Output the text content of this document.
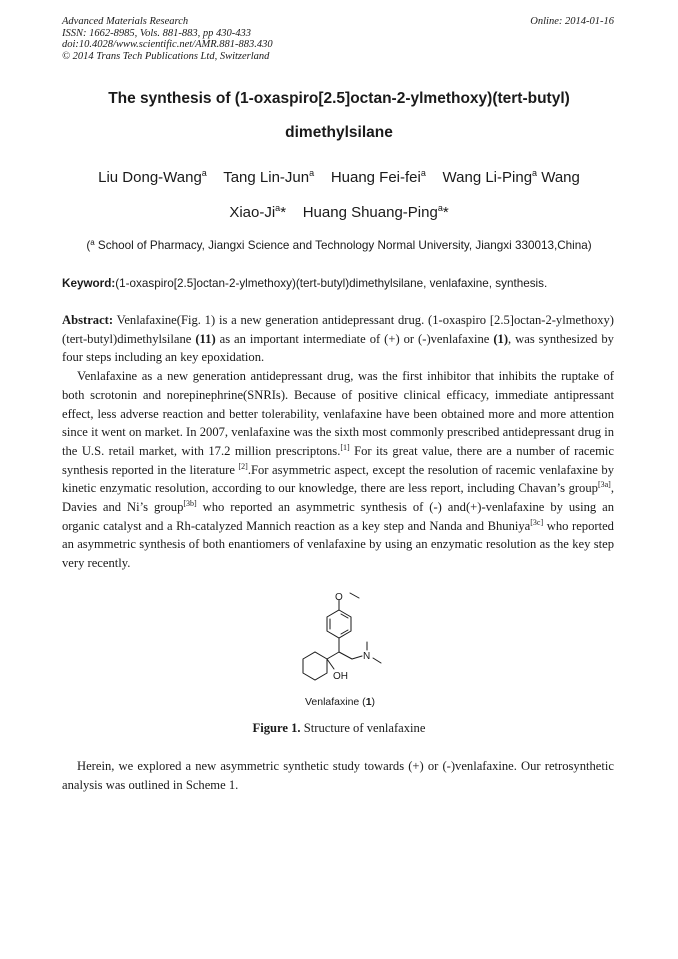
Advanced Materials Research
ISSN: 1662-8985, Vols. 881-883, pp 430-433
doi:10.4028/www.scientific.net/AMR.881-883.430
© 2014 Trans Tech Publications Ltd, Switzerland
Online: 2014-01-16
The synthesis of (1-oxaspiro[2.5]octan-2-ylmethoxy)(tert-butyl)
dimethylsilane
Liu Dong-Wang$^a$ Tang Lin-Jun$^a$ Huang Fei-fei$^a$ Wang Li-Ping$^a$ Wang
Xiao-Ji$^a$* Huang Shuang-Ping$^a$*
($^a$ School of Pharmacy, Jiangxi Science and Technology Normal University, Jiangxi 330013,China)
Keyword:(1-oxaspiro[2.5]octan-2-ylmethoxy)(tert-butyl)dimethylsilane, venlafaxine, synthesis.

Abstract: Venlafaxine(Fig. 1) is a new generation antidepressant drug. (1-oxaspiro [2.5]octan-2-ylmethoxy)(tert-butyl)dimethylsilane (11) as an important intermediate of (+) or (-)venlafaxine (1), was synthesized by four steps including an key epoxidation.

Venlafaxine as a new generation antidepressant drug, was the first inhibitor that inhibits the ruptake of both scrotonin and norepinephrine(SNRIs). Because of positive clinical efficacy, immediate antipressant effect, less adverse reaction and better tolerability, venlafaxine have been obtained more and more attention since it went on market. In 2007, venlafaxine was the sixth most commonly prescribed antidepressant drug in the U.S. retail market, with 17.2 million prescriptons.[1] For its great value, there are a number of racemic synthesis reported in the literature [2].For asymmetric aspect, except the resolution of racemic venlafaxine by kinetic enzymatic resolution, according to our knowledge, there are less report, including Chavan’s group[3a], Davies and Ni’s group[3b] who reported an asymmetric synthesis of (-) and(+)-venlafaxine by using an organic catalyst and a Rh-catalyzed Mannich reaction as a key step and Nanda and Bhuniya[3c] who reported an asymmetric synthesis of both enantiomers of venlafaxine by using an enzymatic resolution as the key step very recently.

O
N
OH
Venlafaxine (1)
Figure 1. Structure of venlafaxine

Herein, we explored a new asymmetric synthetic study towards (+) or (-)venlafaxine. Our retrosynthetic analysis was outlined in Scheme 1.
